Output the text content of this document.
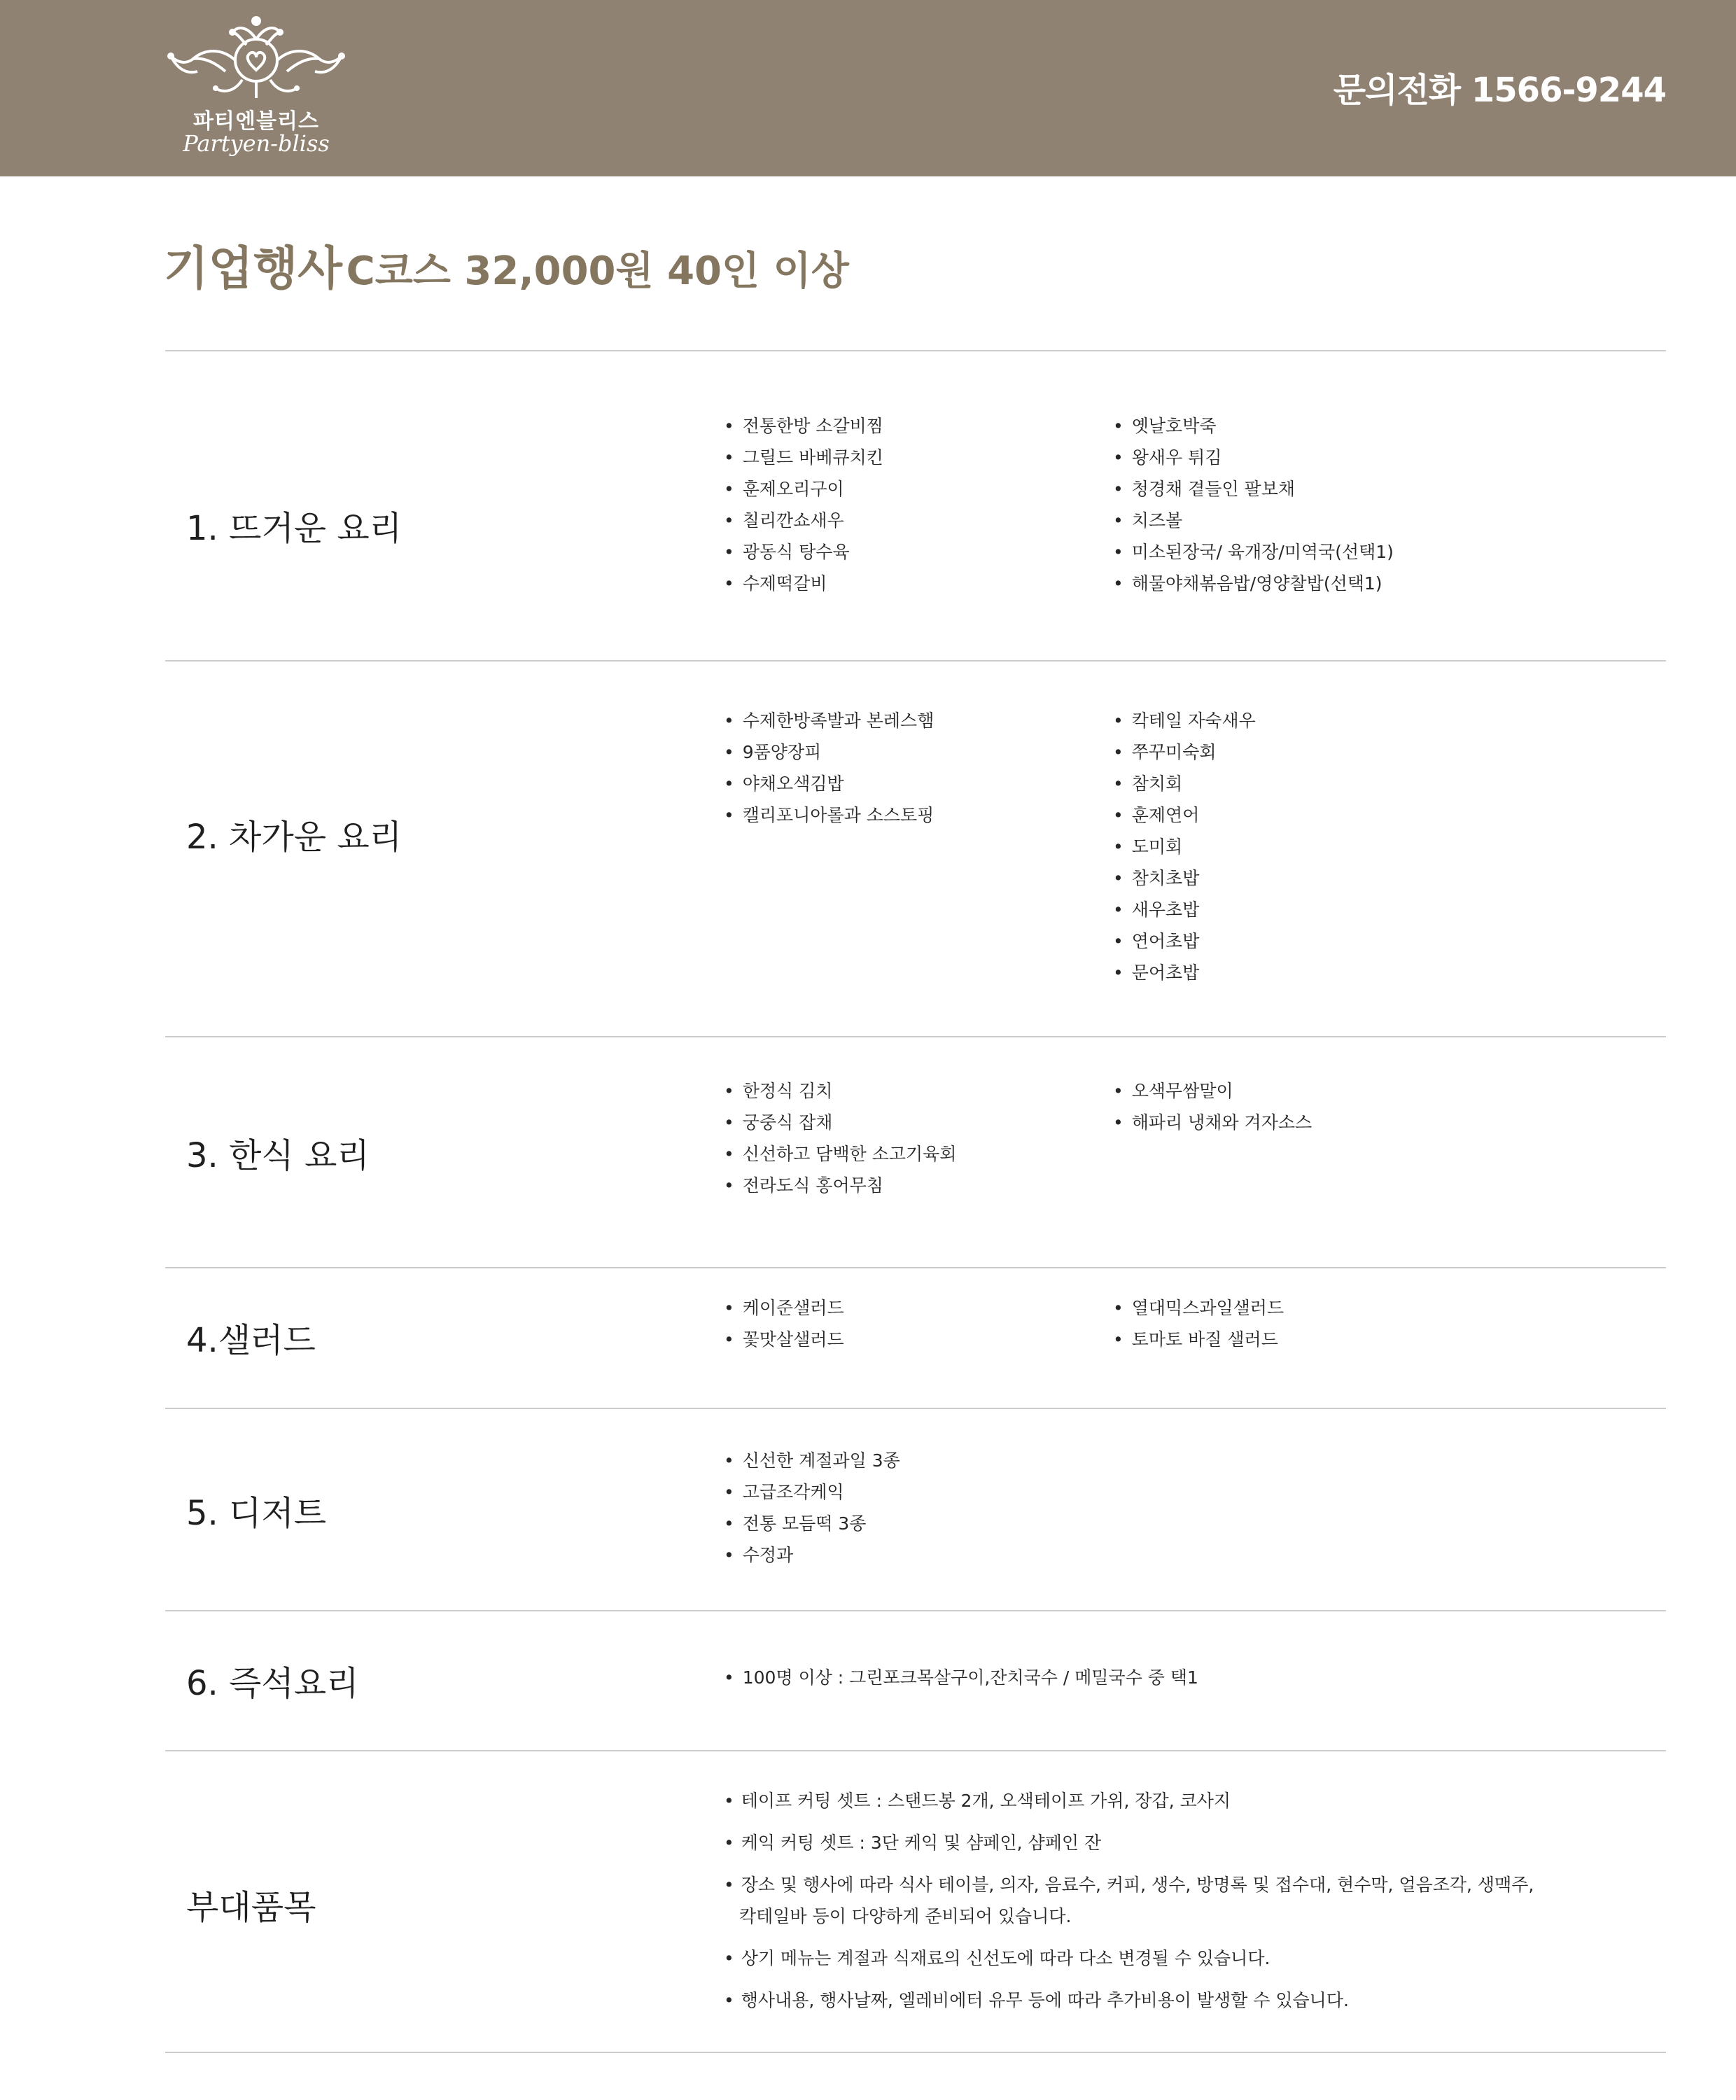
파티엔블리스
Partyen-bliss
문의전화 1566-9244
기업행사 C코스 32,000원 40인 이상
1. 뜨거운 요리
• 전통한방 소갈비찜
• 그릴드 바베큐치킨
• 훈제오리구이
• 칠리깐쇼새우
• 광동식 탕수육
• 수제떡갈비
• 옛날호박죽
• 왕새우 튀김
• 청경채 곁들인 팔보채
• 치즈볼
• 미소된장국/ 육개장/미역국(선택1)
• 해물야채볶음밥/영양찰밥(선택1)
2. 차가운 요리
• 수제한방족발과 본레스햄
• 9품양장피
• 야채오색김밥
• 캘리포니아롤과 소스토핑
• 칵테일 자숙새우
• 쭈꾸미숙회
• 참치회
• 훈제연어
• 도미회
• 참치초밥
• 새우초밥
• 연어초밥
• 문어초밥
3. 한식 요리
• 한정식 김치
• 궁중식 잡채
• 신선하고 담백한 소고기육회
• 전라도식 홍어무침
• 오색무쌈말이
• 해파리 냉채와 겨자소스
4.샐러드
• 케이준샐러드
• 꽃맛살샐러드
• 열대믹스과일샐러드
• 토마토 바질 샐러드
5. 디저트
• 신선한 계절과일 3종
• 고급조각케익
• 전통 모듬떡 3종
• 수정과
6. 즉석요리
•	100명 이상 : 그린포크목살구이,잔치국수 / 메밀국수 중 택1
부대품목
• 테이프 커팅 셋트 : 스탠드봉 2개, 오색테이프 가위, 장갑, 코사지
• 케익 커팅 셋트 : 3단 케익 및 샴페인, 샴페인 잔
• 장소 및 행사에 따라 식사 테이블, 의자, 음료수, 커피, 생수, 방명록 및 접수대, 현수막, 얼음조각, 생맥주,
칵테일바 등이 다양하게 준비되어 있습니다.
• 상기 메뉴는 계절과 식재료의 신선도에 따라 다소 변경될 수 있습니다.
• 행사내용, 행사날짜, 엘레비에터 유무 등에 따라 추가비용이 발생할 수 있습니다.
